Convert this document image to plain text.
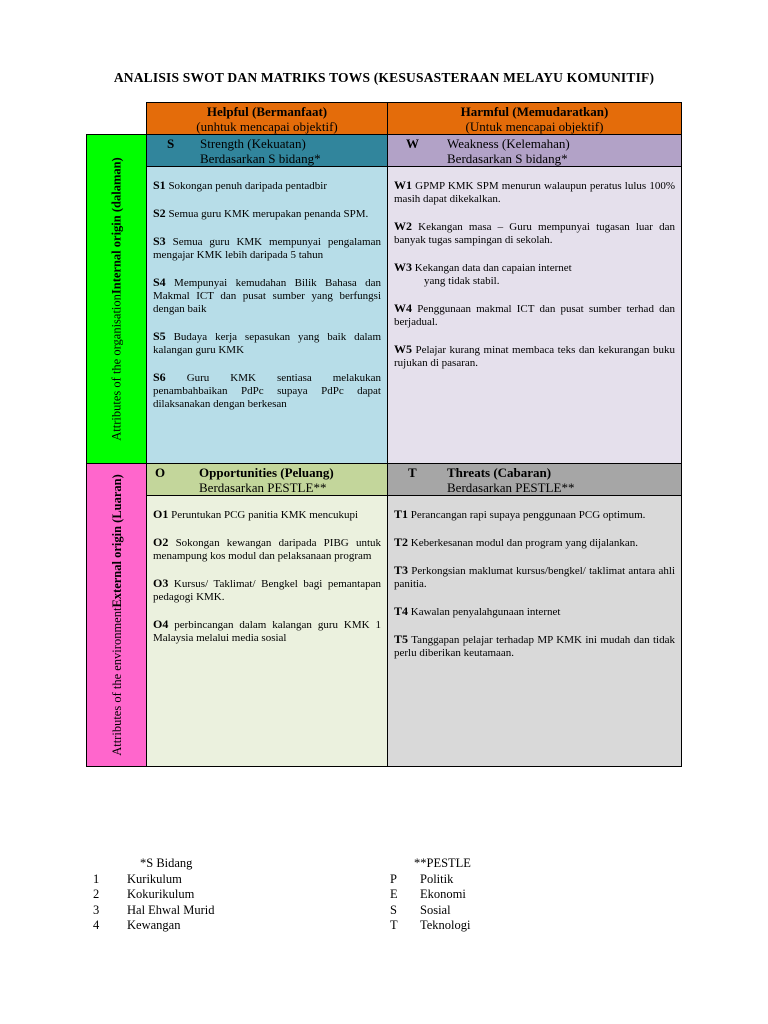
ANALISIS SWOT DAN MATRIKS TOWS (KESUSASTERAAN MELAYU KOMUNITIF)
Helpful (Bermanfaat)
(unhtuk mencapai objektif)
Harmful (Memudaratkan)
(Untuk mencapai objektif)
Attributes of the organisationInternal origin (dalaman)
Attributes of the environmentExternal origin (Luaran)
S Strength (Kekuatan)
Berdasarkan S bidang*
S1 Sokongan penuh daripada pentadbir
S2 Semua guru KMK merupakan penanda SPM.
S3 Semua guru KMK mempunyai pengalaman mengajar KMK lebih daripada 5 tahun
S4 Mempunyai kemudahan Bilik Bahasa dan Makmal ICT dan pusat sumber yang berfungsi dengan baik
S5 Budaya kerja sepasukan yang baik dalam kalangan guru KMK
S6 Guru KMK sentiasa melakukan penambahbaikan PdPc supaya PdPc dapat dilaksanakan dengan berkesan
W Weakness (Kelemahan)
Berdasarkan S bidang*
W1 GPMP KMK SPM menurun walaupun peratus lulus 100% masih dapat dikekalkan.
W2 Kekangan masa – Guru mempunyai tugasan luar dan banyak tugas sampingan di sekolah.
W3 Kekangan data dan capaian internet
yang tidak stabil.
W4 Penggunaan makmal ICT dan pusat sumber terhad dan berjadual.
W5 Pelajar kurang minat membaca teks dan kekurangan buku rujukan di pasaran.
O	Opportunities (Peluang)
Berdasarkan PESTLE**
O1 Peruntukan PCG panitia KMK mencukupi
O2 Sokongan kewangan daripada PIBG untuk menampung kos modul dan pelaksanaan program
O3 Kursus/ Taklimat/ Bengkel bagi pemantapan pedagogi KMK.
O4 perbincangan dalam kalangan guru KMK 1 Malaysia melalui media sosial
T Threats (Cabaran)
Berdasarkan PESTLE**
T1 Perancangan rapi supaya penggunaan PCG optimum.
T2 Keberkesanan modul dan program yang dijalankan.
T3 Perkongsian maklumat kursus/bengkel/ taklimat antara ahli panitia.
T4 Kawalan penyalahgunaan internet
T5 Tanggapan pelajar terhadap MP KMK ini mudah dan tidak perlu diberikan keutamaan.
*S Bidang
1 Kurikulum
2 Kokurikulum
3 Hal Ehwal Murid
4 Kewangan
**PESTLE
P Politik
E Ekonomi
S Sosial
T Teknologi
